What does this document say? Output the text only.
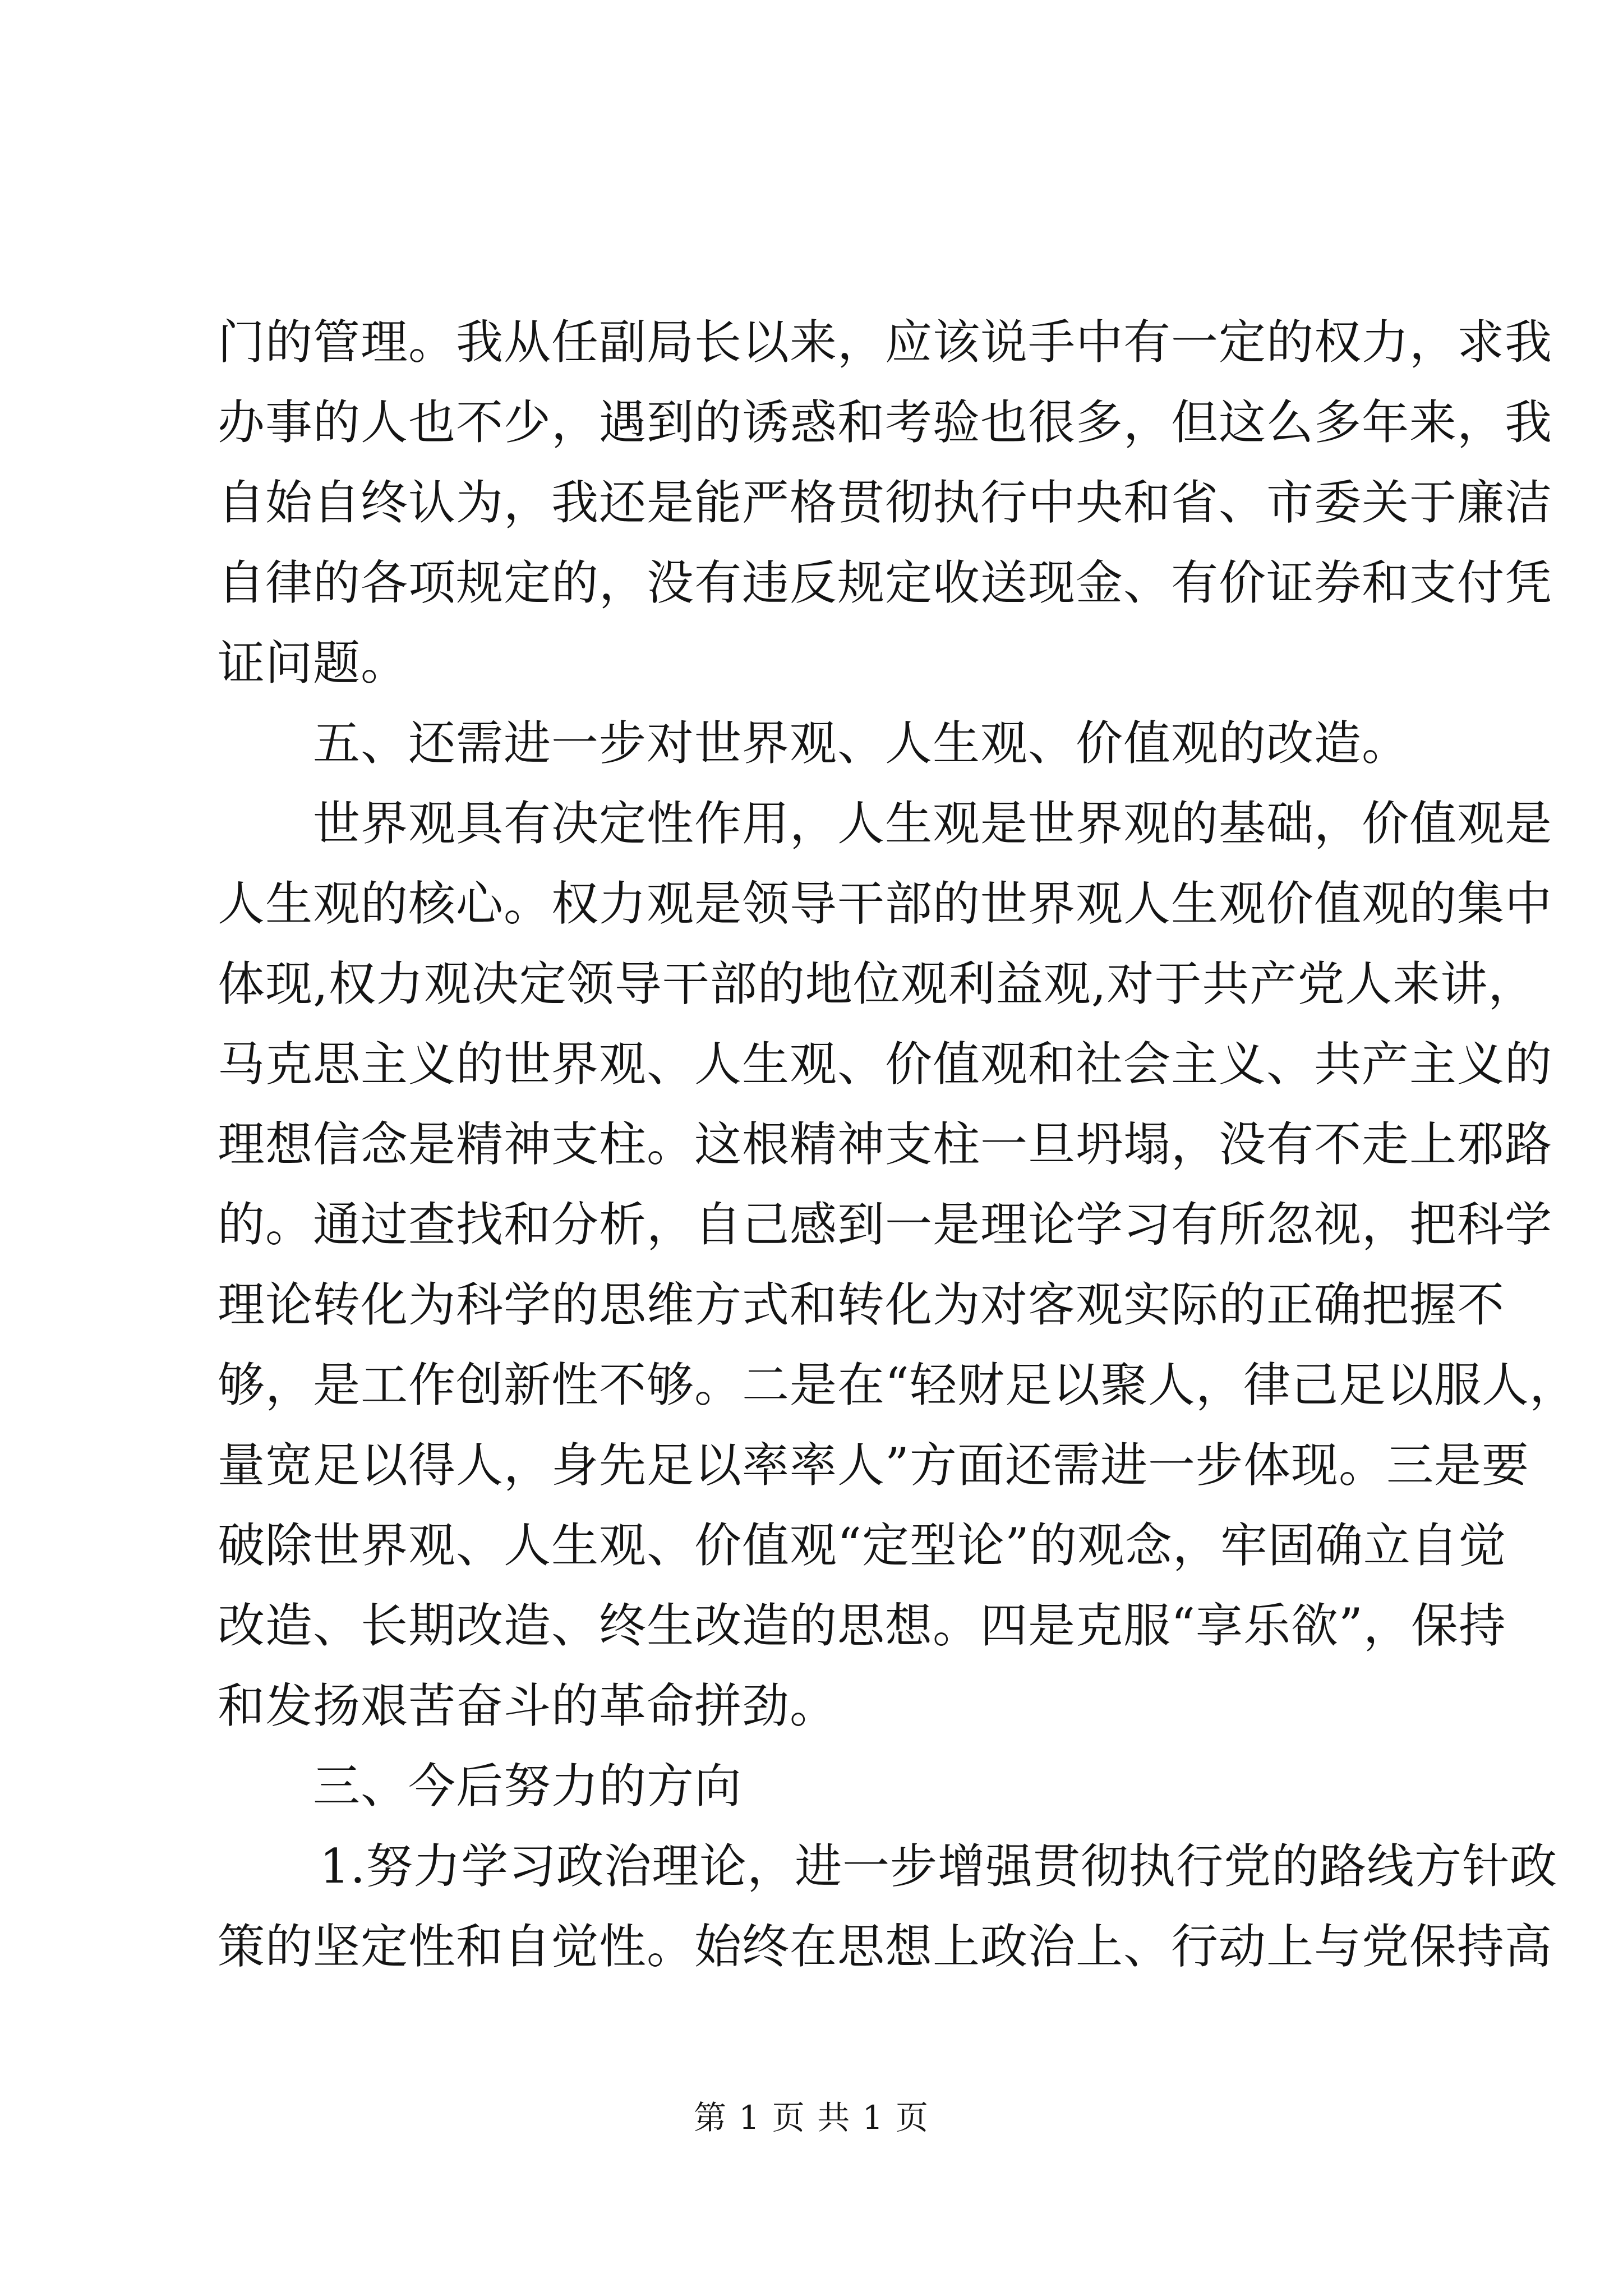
门的管理。我从任副局长以来，应该说手中有一定的权力，求我
办事的人也不少，遇到的诱惑和考验也很多，但这么多年来，我
自始自终认为，我还是能严格贯彻执行中央和省、市委关于廉洁
自律的各项规定的，没有违反规定收送现金、有价证券和支付凭
证问题。
五、还需进一步对世界观、人生观、价值观的改造。
世界观具有决定性作用，人生观是世界观的基础，价值观是
人生观的核心。权力观是领导干部的世界观人生观价值观的集中
体现,权力观决定领导干部的地位观利益观,对于共产党人来讲，
马克思主义的世界观、人生观、价值观和社会主义、共产主义的
理想信念是精神支柱。这根精神支柱一旦坍塌，没有不走上邪路
的。通过查找和分析，自己感到一是理论学习有所忽视，把科学
理论转化为科学的思维方式和转化为对客观实际的正确把握不
够，是工作创新性不够。二是在“轻财足以聚人，律己足以服人，
量宽足以得人，身先足以率率人”方面还需进一步体现。三是要
破除世界观、人生观、价值观“定型论”的观念，牢固确立自觉
改造、长期改造、终生改造的思想。四是克服“享乐欲”，保持
和发扬艰苦奋斗的革命拼劲。
三、今后努力的方向
1.努力学习政治理论，进一步增强贯彻执行党的路线方针政
策的坚定性和自觉性。始终在思想上政治上、行动上与党保持高
第 1 页 共 1 页
